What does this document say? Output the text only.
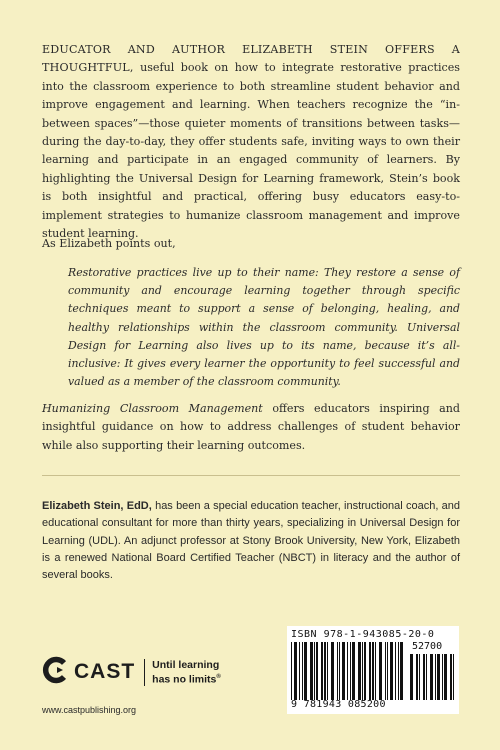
EDUCATOR AND AUTHOR ELIZABETH STEIN OFFERS A THOUGHTFUL, useful book on how to integrate restorative practices into the classroom experience to both streamline student behavior and improve engagement and learning. When teachers recognize the “in-between spaces”—those quieter moments of transitions between tasks—during the day-to-day, they offer students safe, inviting ways to own their learning and participate in an engaged community of learners. By highlighting the Universal Design for Learning framework, Stein’s book is both insightful and practical, offering busy educators easy-to-implement strategies to humanize classroom management and improve student learning.

As Elizabeth points out,

Restorative practices live up to their name: They restore a sense of community and encourage learning together through specific techniques meant to support a sense of belonging, healing, and healthy relationships within the classroom community. Universal Design for Learning also lives up to its name, because it’s all-inclusive: It gives every learner the opportunity to feel successful and valued as a member of the classroom community.

Humanizing Classroom Management offers educators inspiring and insightful guidance on how to address challenges of student behavior while also supporting their learning outcomes.

Elizabeth Stein, EdD, has been a special education teacher, instructional coach, and educational consultant for more than thirty years, specializing in Universal Design for Learning (UDL). An adjunct professor at Stony Brook University, New York, Elizabeth is a renewed National Board Certified Teacher (NBCT) in literacy and the author of several books.

CAST Until learning
has no limits®
www.castpublishing.org
ISBN 978-1-943085-20-0
52700
9 781943 085200
